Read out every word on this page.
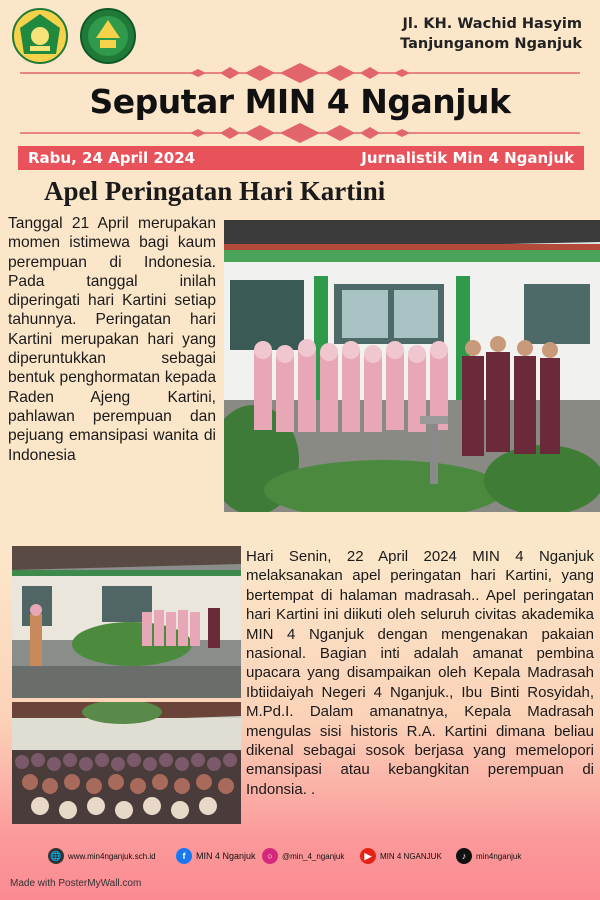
Jl. KH. Wachid Hasyim
Tanjunganom Nganjuk
Seputar MIN 4 Nganjuk
Rabu, 24 April 2024	Jurnalistik Min 4 Nganjuk
Apel Peringatan Hari Kartini
Tanggal 21 April merupakan momen istimewa bagi kaum perempuan di Indonesia. Pada tanggal inilah diperingati hari Kartini setiap tahunnya. Peringatan hari Kartini merupakan hari yang diperuntukkan sebagai bentuk penghormatan kepada Raden Ajeng Kartini, pahlawan perempuan dan pejuang emansipasi wanita di Indonesia
Hari Senin, 22 April 2024 MIN 4 Nganjuk melaksanakan apel peringatan hari Kartini, yang bertempat di halaman madrasah.. Apel peringatan hari Kartini ini diikuti oleh seluruh civitas akademika MIN 4 Nganjuk dengan mengenakan pakaian nasional. Bagian inti adalah amanat pembina upacara yang disampaikan oleh Kepala Madrasah Ibtiidaiyah Negeri 4 Nganjuk., Ibu Binti Rosyidah, M.Pd.I. Dalam amanatnya, Kepala Madrasah mengulas sisi historis R.A. Kartini dimana beliau dikenal sebagai sosok berjasa yang memelopori emansipasi atau kebangkitan perempuan di Indonsia. .
🌐 www.min4nganjuk.sch.id	f	MIN 4 Nganjuk	○	@min_4_nganjuk	▶	MIN 4 NGANJUK	♪	min4nganjuk
Made with PosterMyWall.com
